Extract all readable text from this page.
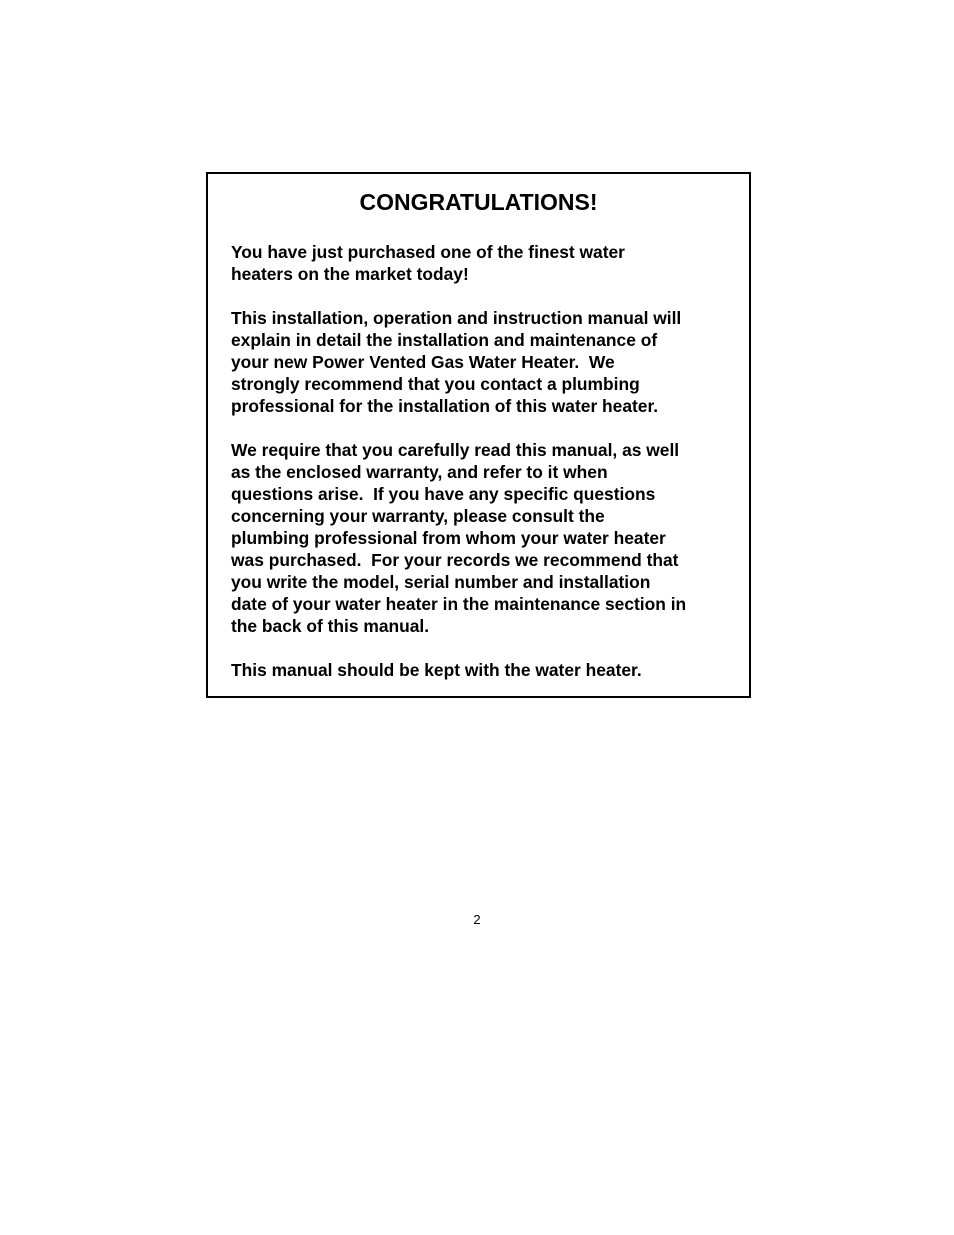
CONGRATULATIONS!

You have just purchased one of the finest water
heaters on the market today!

This installation, operation and instruction manual will
explain in detail the installation and maintenance of
your new Power Vented Gas Water Heater.  We
strongly recommend that you contact a plumbing
professional for the installation of this water heater.

We require that you carefully read this manual, as well
as the enclosed warranty, and refer to it when
questions arise.  If you have any specific questions
concerning your warranty, please consult the
plumbing professional from whom your water heater
was purchased.  For your records we recommend that
you write the model, serial number and installation
date of your water heater in the maintenance section in
the back of this manual.

This manual should be kept with the water heater.

2
